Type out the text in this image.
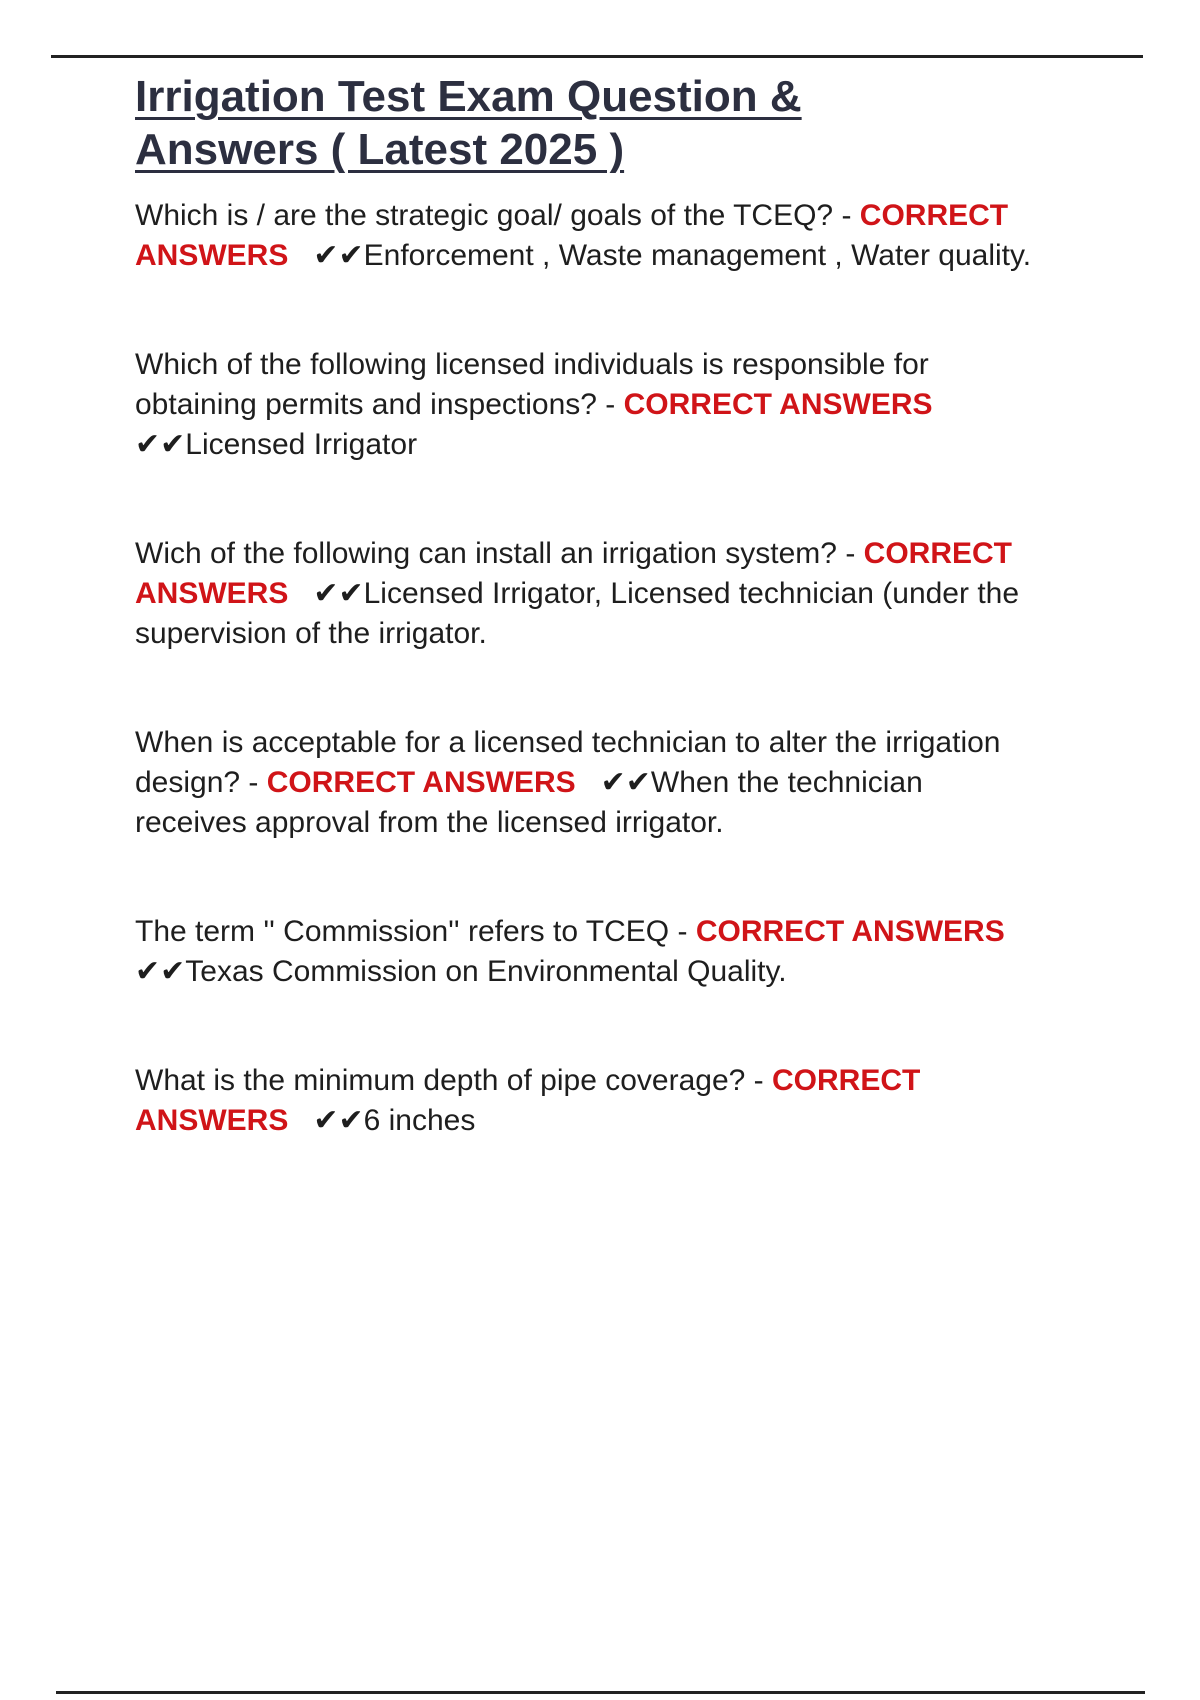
Irrigation Test Exam Question & Answers ( Latest 2025 )

Which is / are the strategic goal/ goals of the TCEQ? - CORRECT ANSWERS   ✔✔Enforcement , Waste management , Water quality.

Which of the following licensed individuals is responsible for obtaining permits and inspections? - CORRECT ANSWERS   ✔✔Licensed Irrigator

Wich of the following can install an irrigation system? - CORRECT ANSWERS   ✔✔Licensed Irrigator, Licensed technician (under the supervision of the irrigator.

When is acceptable for a licensed technician to alter the irrigation design? - CORRECT ANSWERS   ✔✔When the technician receives approval from the licensed irrigator.

The term '' Commission'' refers to TCEQ - CORRECT ANSWERS   ✔✔Texas Commission on Environmental Quality.

What is the minimum depth of pipe coverage? - CORRECT ANSWERS   ✔✔6 inches
